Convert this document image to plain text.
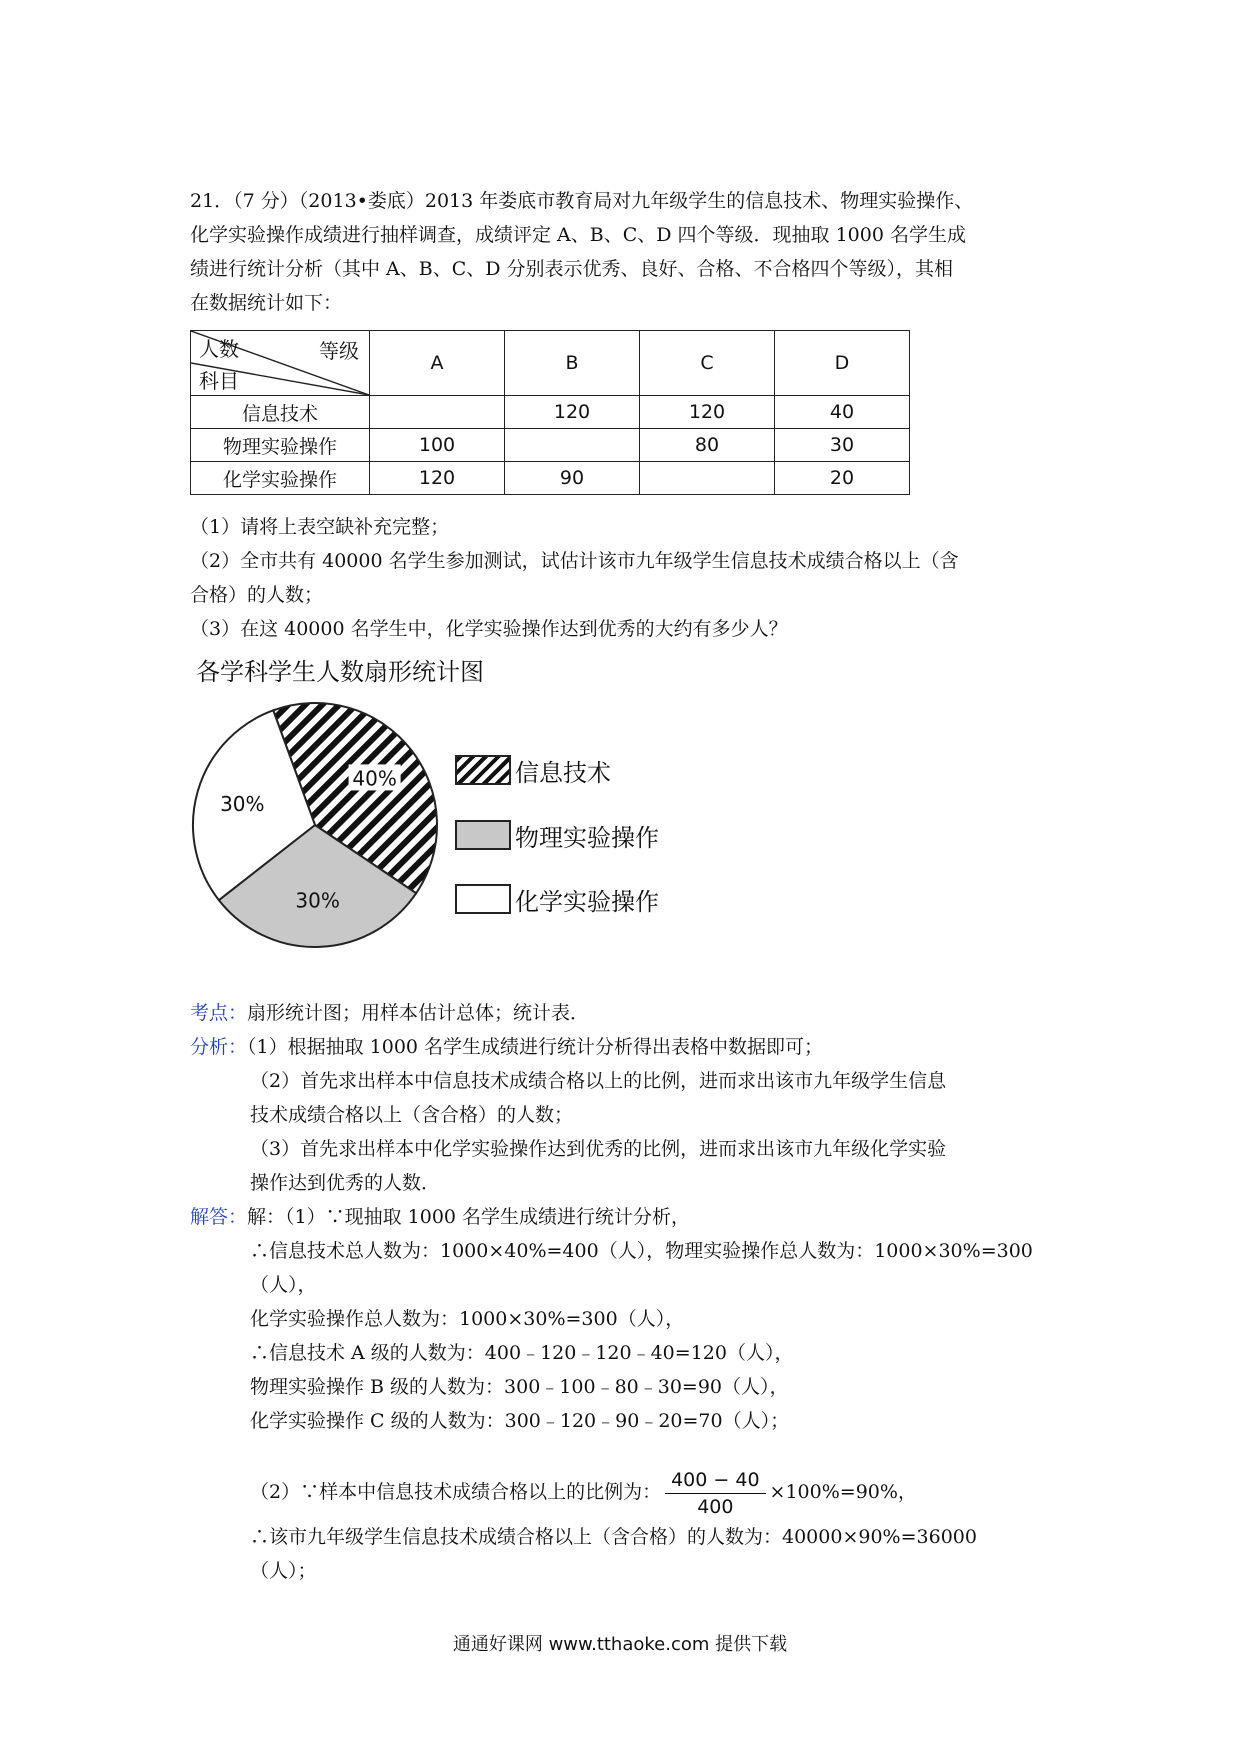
21．（7 分）（2013•娄底）2013 年娄底市教育局对九年级学生的信息技术、物理实验操作、
化学实验操作成绩进行抽样调查，成绩评定 A、B、C、D 四个等级．现抽取 1000 名学生成
绩进行统计分析（其中 A、B、C、D 分别表示优秀、良好、合格、不合格四个等级），其相
在数据统计如下：
人数 等级
科目	A	B	C	D
信息技术		120	120	40
物理实验操作	100		80	30
化学实验操作	120	90		20
（1）请将上表空缺补充完整；
（2）全市共有 40000 名学生参加测试，试估计该市九年级学生信息技术成绩合格以上（含
合格）的人数；
（3）在这 40000 名学生中，化学实验操作达到优秀的大约有多少人？
各学科学生人数扇形统计图
40%
30%
30%
信息技术
物理实验操作
化学实验操作
考点：扇形统计图；用样本估计总体；统计表．
分析：（1）根据抽取 1000 名学生成绩进行统计分析得出表格中数据即可；
（2）首先求出样本中信息技术成绩合格以上的比例，进而求出该市九年级学生信息
技术成绩合格以上（含合格）的人数；
（3）首先求出样本中化学实验操作达到优秀的比例，进而求出该市九年级化学实验
操作达到优秀的人数．
解答：解：（1）∵现抽取 1000 名学生成绩进行统计分析，
∴信息技术总人数为：1000×40%=400（人），物理实验操作总人数为：1000×30%=300
（人），
化学实验操作总人数为：1000×30%=300（人），
∴信息技术 A 级的人数为：400﹣120﹣120﹣40=120（人），
物理实验操作 B 级的人数为：300﹣100﹣80﹣30=90（人），
化学实验操作 C 级的人数为：300﹣120﹣90﹣20=70（人）；
（2）∵样本中信息技术成绩合格以上的比例为： $\frac{400 - 40}{400} \times 100\%=90\%$，
∴该市九年级学生信息技术成绩合格以上（含合格）的人数为：40000×90%=36000
（人）；
通通好课网 www.tthaoke.com 提供下载
